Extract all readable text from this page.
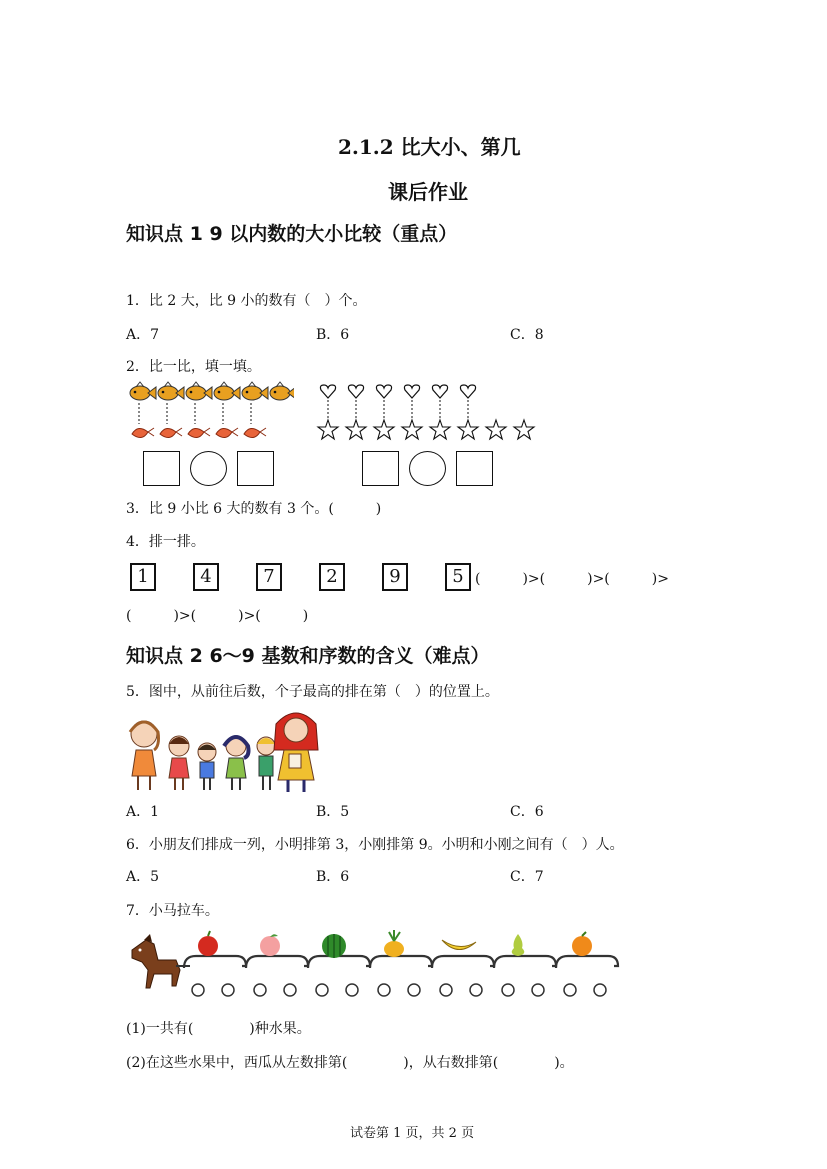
2.1.2 比大小、第几
课后作业
知识点 1 9 以内数的大小比较（重点）
1．比 2 大，比 9 小的数有（　）个。
A．7	B．6	C．8
2．比一比，填一填。
3．比 9 小比 6 大的数有 3 个。(　　　)
4．排一排。
1	4	7	2	9	5 (　　　)>(　　　)>(　　　)>
(　　　)>(　　　)>(　　　)
知识点 2 6～9 基数和序数的含义（难点）
5．图中，从前往后数，个子最高的排在第（　）的位置上。
A．1	B．5	C．6
6．小朋友们排成一列，小明排第 3，小刚排第 9。小明和小刚之间有（　）人。
A．5	B．6	C．7
7．小马拉车。
(1)一共有(　　　　)种水果。
(2)在这些水果中，西瓜从左数排第(　　　　)，从右数排第(　　　　)。
试卷第 1 页，共 2 页
